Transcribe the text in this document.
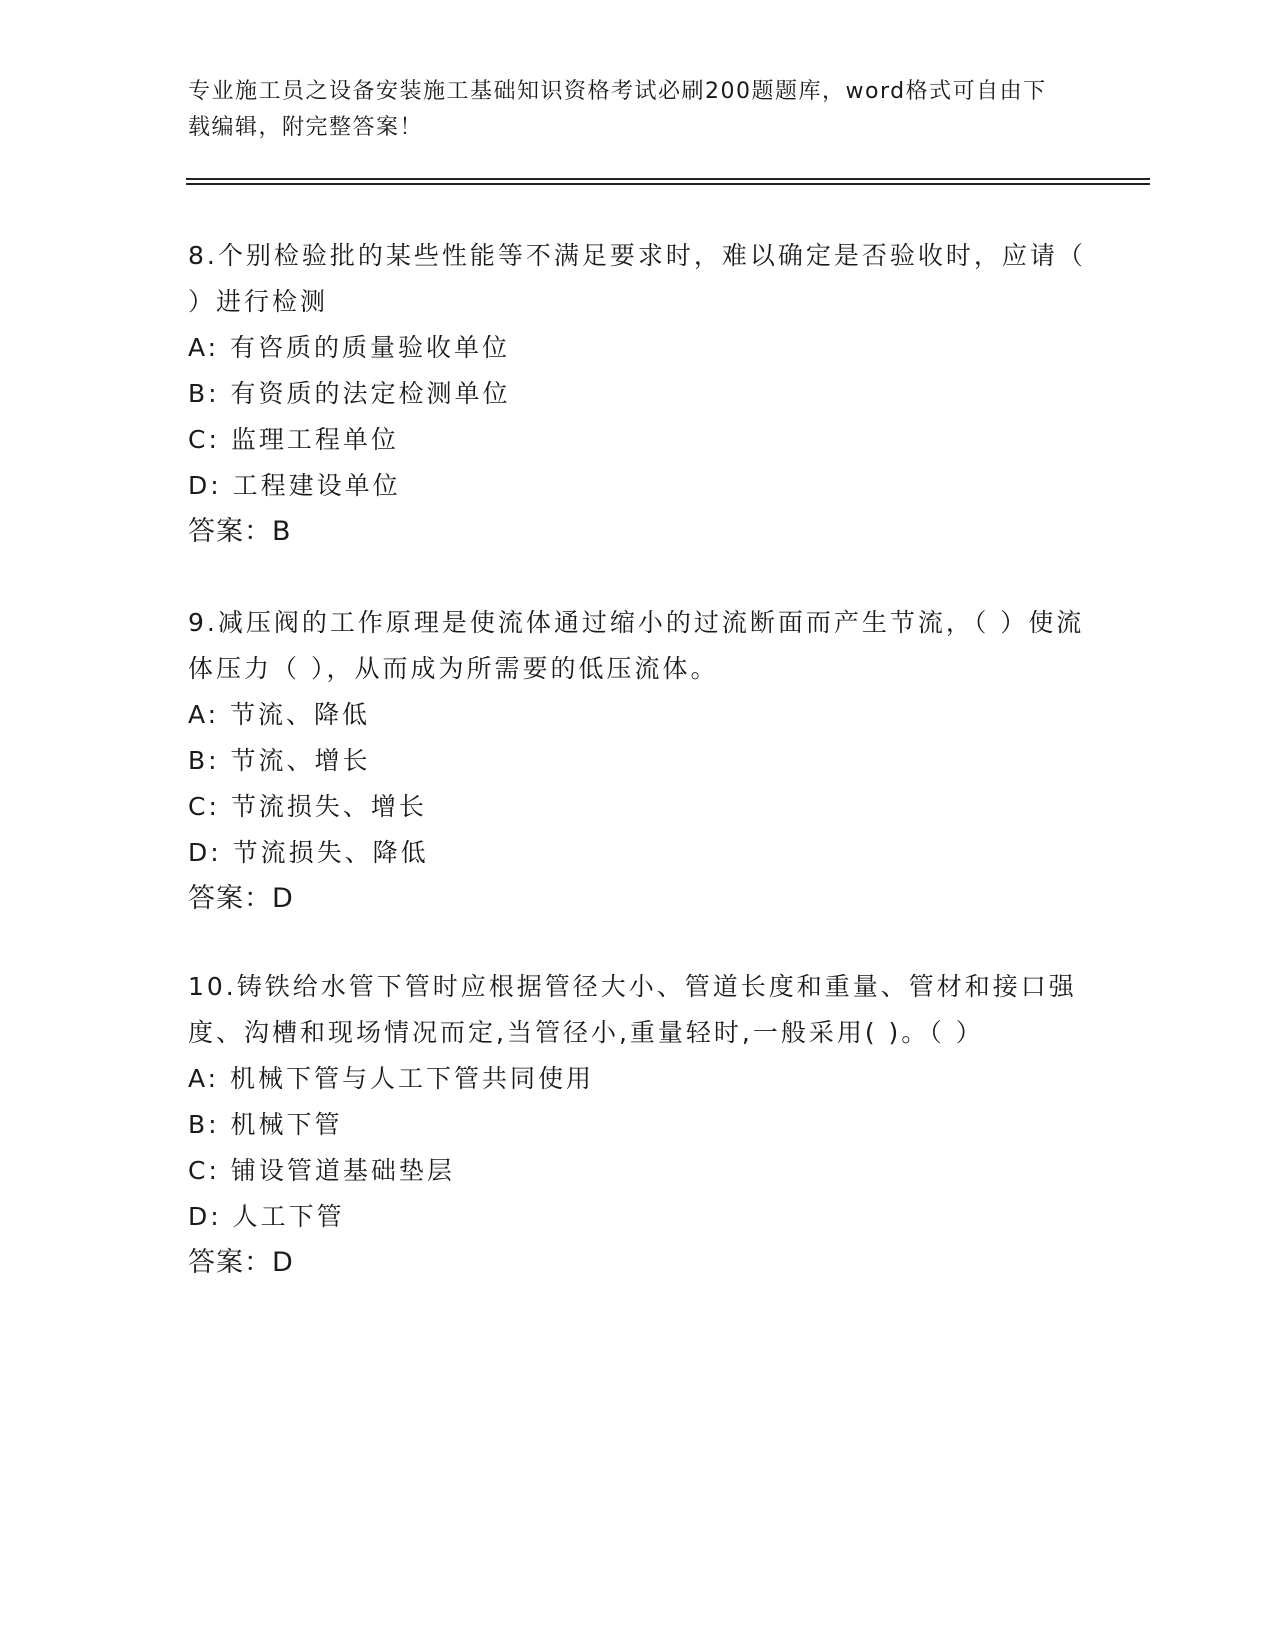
专业施工员之设备安装施工基础知识资格考试必刷200题题库，word格式可自由下载编辑，附完整答案！
8.个别检验批的某些性能等不满足要求时，难以确定是否验收时，应请（ ）进行检测
A: 有咨质的质量验收单位
B: 有资质的法定检测单位
C: 监理工程单位
D: 工程建设单位
答案：B
9.减压阀的工作原理是使流体通过缩小的过流断面而产生节流，（ ）使流体压力（ ），从而成为所需要的低压流体。
A: 节流、降低
B: 节流、增长
C: 节流损失、增长
D: 节流损失、降低
答案：D
10.铸铁给水管下管时应根据管径大小、管道长度和重量、管材和接口强度、沟槽和现场情况而定,当管径小,重量轻时,一般采用( )。（ ）
A: 机械下管与人工下管共同使用
B: 机械下管
C: 铺设管道基础垫层
D: 人工下管
答案：D
